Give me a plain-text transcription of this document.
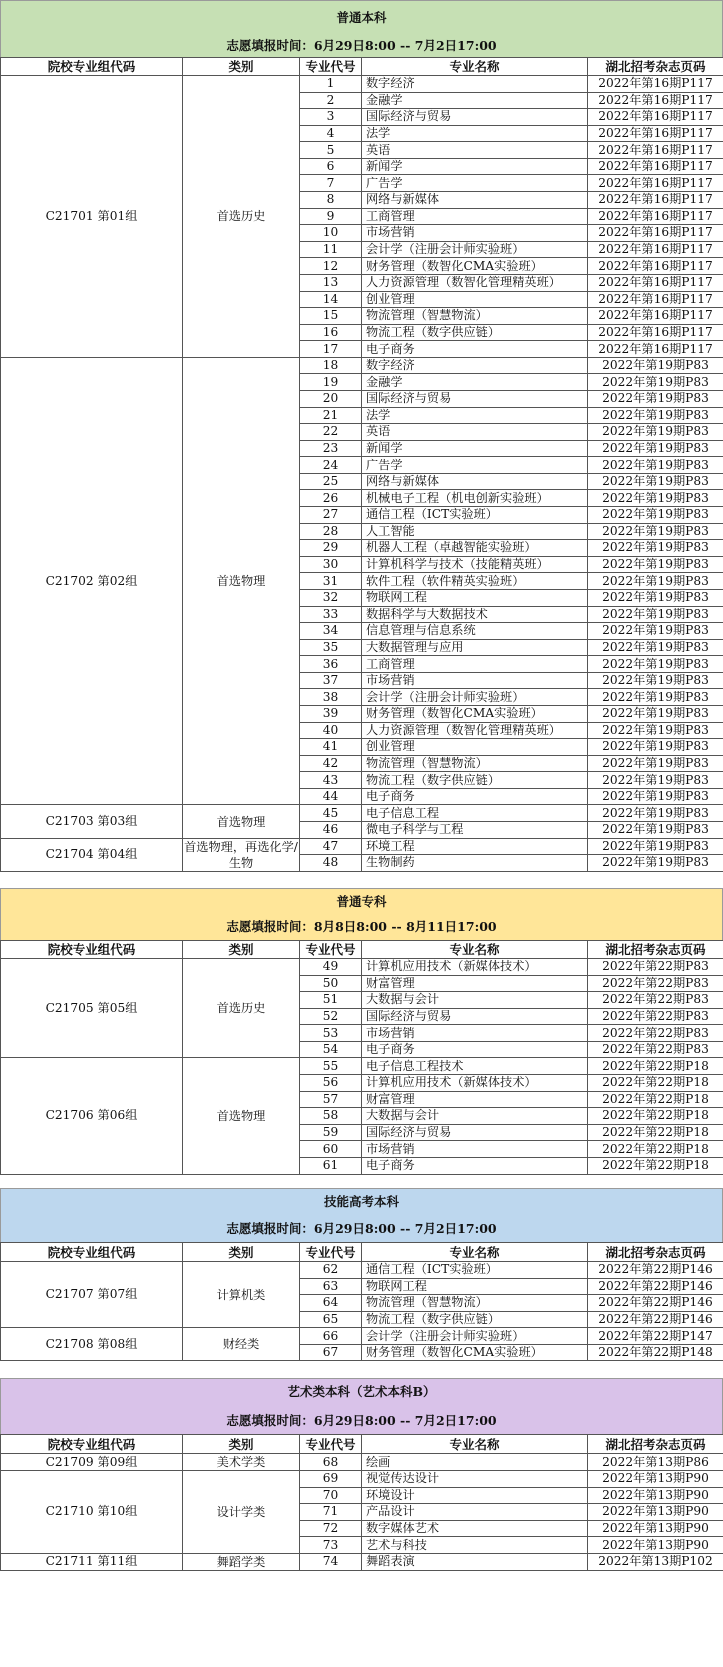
普通本科
志愿填报时间：6月29日8:00 -- 7月2日17:00
院校专业组代码	类别	专业代号	专业名称	湖北招考杂志页码
C21701 第01组	首选历史	1	数字经济	2022年第16期P117
		2	金融学	2022年第16期P117
		3	国际经济与贸易	2022年第16期P117
		4	法学	2022年第16期P117
		5	英语	2022年第16期P117
		6	新闻学	2022年第16期P117
		7	广告学	2022年第16期P117
		8	网络与新媒体	2022年第16期P117
		9	工商管理	2022年第16期P117
		10	市场营销	2022年第16期P117
		11	会计学（注册会计师实验班）	2022年第16期P117
		12	财务管理（数智化CMA实验班）	2022年第16期P117
		13	人力资源管理（数智化管理精英班）	2022年第16期P117
		14	创业管理	2022年第16期P117
		15	物流管理（智慧物流）	2022年第16期P117
		16	物流工程（数字供应链）	2022年第16期P117
		17	电子商务	2022年第16期P117
C21702 第02组	首选物理	18	数字经济	2022年第19期P83
		19	金融学	2022年第19期P83
		20	国际经济与贸易	2022年第19期P83
		21	法学	2022年第19期P83
		22	英语	2022年第19期P83
		23	新闻学	2022年第19期P83
		24	广告学	2022年第19期P83
		25	网络与新媒体	2022年第19期P83
		26	机械电子工程（机电创新实验班）	2022年第19期P83
		27	通信工程（ICT实验班）	2022年第19期P83
		28	人工智能	2022年第19期P83
		29	机器人工程（卓越智能实验班）	2022年第19期P83
		30	计算机科学与技术（技能精英班）	2022年第19期P83
		31	软件工程（软件精英实验班）	2022年第19期P83
		32	物联网工程	2022年第19期P83
		33	数据科学与大数据技术	2022年第19期P83
		34	信息管理与信息系统	2022年第19期P83
		35	大数据管理与应用	2022年第19期P83
		36	工商管理	2022年第19期P83
		37	市场营销	2022年第19期P83
		38	会计学（注册会计师实验班）	2022年第19期P83
		39	财务管理（数智化CMA实验班）	2022年第19期P83
		40	人力资源管理（数智化管理精英班）	2022年第19期P83
		41	创业管理	2022年第19期P83
		42	物流管理（智慧物流）	2022年第19期P83
		43	物流工程（数字供应链）	2022年第19期P83
		44	电子商务	2022年第19期P83
C21703 第03组	首选物理	45	电子信息工程	2022年第19期P83
		46	微电子科学与工程	2022年第19期P83
C21704 第04组	首选物理，再选化学/生物	47	环境工程	2022年第19期P83
		48	生物制药	2022年第19期P83
普通专科
志愿填报时间：8月8日8:00 -- 8月11日17:00
院校专业组代码	类别	专业代号	专业名称	湖北招考杂志页码
C21705 第05组	首选历史	49	计算机应用技术（新媒体技术）	2022年第22期P83
		50	财富管理	2022年第22期P83
		51	大数据与会计	2022年第22期P83
		52	国际经济与贸易	2022年第22期P83
		53	市场营销	2022年第22期P83
		54	电子商务	2022年第22期P83
C21706 第06组	首选物理	55	电子信息工程技术	2022年第22期P18
		56	计算机应用技术（新媒体技术）	2022年第22期P18
		57	财富管理	2022年第22期P18
		58	大数据与会计	2022年第22期P18
		59	国际经济与贸易	2022年第22期P18
		60	市场营销	2022年第22期P18
		61	电子商务	2022年第22期P18
技能高考本科
志愿填报时间：6月29日8:00 -- 7月2日17:00
院校专业组代码	类别	专业代号	专业名称	湖北招考杂志页码
C21707 第07组	计算机类	62	通信工程（ICT实验班）	2022年第22期P146
		63	物联网工程	2022年第22期P146
		64	物流管理（智慧物流）	2022年第22期P146
		65	物流工程（数字供应链）	2022年第22期P146
C21708 第08组	财经类	66	会计学（注册会计师实验班）	2022年第22期P147
		67	财务管理（数智化CMA实验班）	2022年第22期P148
艺术类本科（艺术本科B）
志愿填报时间：6月29日8:00 -- 7月2日17:00
院校专业组代码	类别	专业代号	专业名称	湖北招考杂志页码
C21709 第09组	美术学类	68	绘画	2022年第13期P86
C21710 第10组	设计学类	69	视觉传达设计	2022年第13期P90
		70	环境设计	2022年第13期P90
		71	产品设计	2022年第13期P90
		72	数字媒体艺术	2022年第13期P90
		73	艺术与科技	2022年第13期P90
C21711 第11组	舞蹈学类	74	舞蹈表演	2022年第13期P102
